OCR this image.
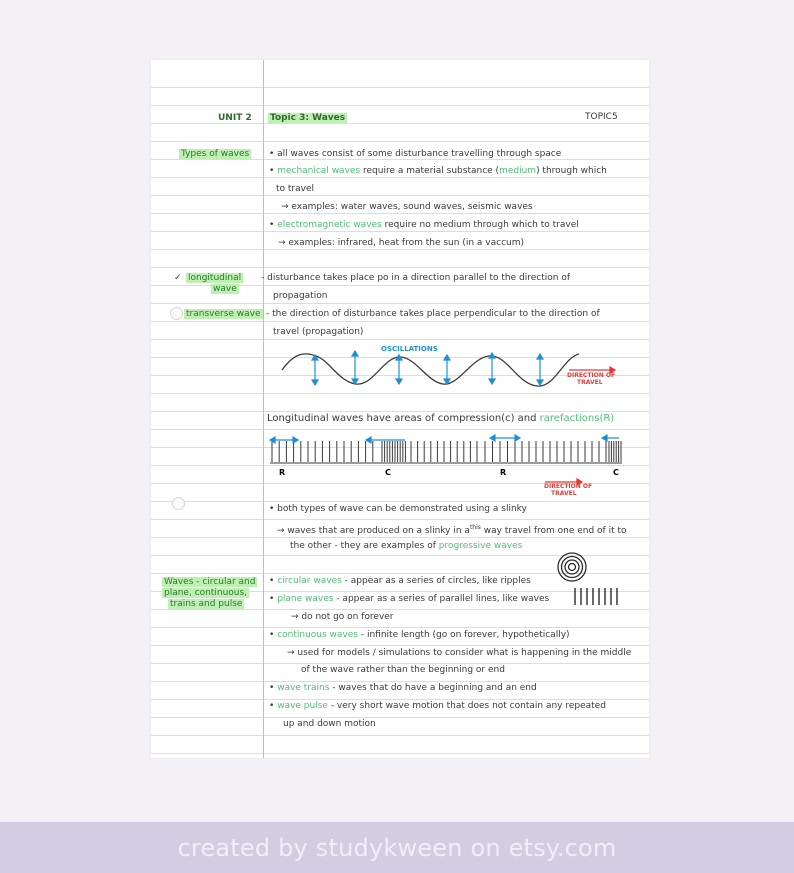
UNIT 2 Topic 3: Waves	TOPIC5
Types of waves
✓ longitudinal
wave
transverse wave
Waves - circular and
plane, continuous,
trains and pulse
• all waves consist of some disturbance travelling through space
• mechanical waves require a material substance (medium) through which
to travel
→ examples: water waves, sound waves, seismic waves
• electromagnetic waves require no medium through which to travel
→ examples: infrared, heat from the sun (in a vaccum)
- disturbance takes place po in a direction parallel to the direction of
propagation
- the direction of disturbance takes place perpendicular to the direction of
travel (propagation)
OSCILLATIONS
DIRECTION OF
TRAVEL
Longitudinal waves have areas of compression(c) and rarefactions(R)
R	C	R	C
DIRECTION OF
TRAVEL
• both types of wave can be demonstrated using a slinky
→ waves that are produced on a slinky in $a^{this}$ way travel from one end of it to
the other - they are examples of progressive waves
• circular waves - appear as a series of circles, like ripples
• plane waves - appear as a series of parallel lines, like waves
→ do not go on forever
• continuous waves - infinite length (go on forever, hypothetically)
→ used for models / simulations to consider what is happening in the middle
of the wave rather than the beginning or end
• wave trains - waves that do have a beginning and an end
• wave pulse - very short wave motion that does not contain any repeated
up and down motion
created by studykween on etsy.com
